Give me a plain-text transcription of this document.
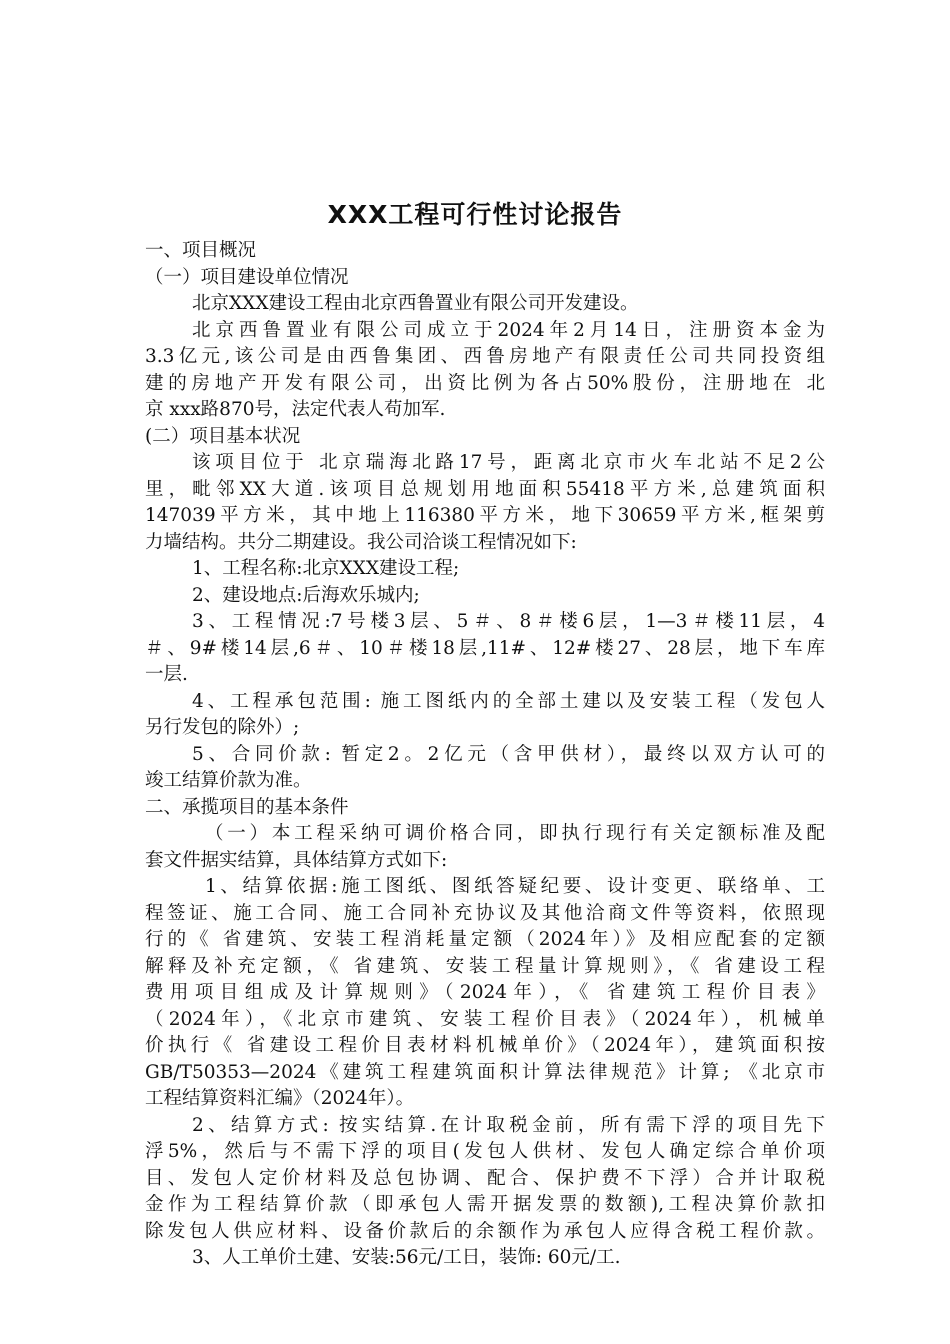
XXX工程可行性讨论报告
一、项目概况
（一）项目建设单位情况
北京XXX建设工程由北京西鲁置业有限公司开发建设。
北京西鲁置业有限公司成立于2024年2月14日，注册资本金为
3.3亿元,该公司是由西鲁集团、西鲁房地产有限责任公司共同投资组
建的房地产开发有限公司，出资比例为各占50%股份，注册地在 北
京 xxx路870号，法定代表人苟加军.
(二）项目基本状况
该项目位于 北京瑞海北路17号，距离北京市火车北站不足2公
里，毗邻XX大道.该项目总规划用地面积55418平方米,总建筑面积
147039平方米，其中地上116380平方米，地下30659平方米,框架剪
力墙结构。共分二期建设。我公司洽谈工程情况如下:
1、工程名称:北京XXX建设工程;
2、建设地点:后海欢乐城内;
3、工程情况:7号楼3层、5＃、8＃楼6层，1—3＃楼11层，4
＃、9#楼14层,6＃、10＃楼18层,11#、12#楼27、28层，地下车库
一层.
4、工程承包范围: 施工图纸内的全部土建以及安装工程（发包人
另行发包的除外）;
5、合同价款: 暂定2。2亿元（含甲供材），最终以双方认可的
竣工结算价款为准。
二、承揽项目的基本条件
（一）本工程采纳可调价格合同，即执行现行有关定额标准及配
套文件据实结算，具体结算方式如下:
1、结算依据:施工图纸、图纸答疑纪要、设计变更、联络单、工
程签证、施工合同、施工合同补充协议及其他洽商文件等资料，依照现
行的《 省建筑、安装工程消耗量定额（2024年）》及相应配套的定额
解释及补充定额，《 省建筑、安装工程量计算规则》，《 省建设工程
费用项目组成及计算规则》（2024年），《 省建筑工程价目表》
（2024年），《北京市建筑、安装工程价目表》（2024年），机械单
价执行《 省建设工程价目表材料机械单价》（2024年），建筑面积按
GB/T50353—2024《建筑工程建筑面积计算法律规范》计算; 《北京市
工程结算资料汇编》（2024年）。
2、结算方式: 按实结算.在计取税金前，所有需下浮的项目先下
浮5%，然后与不需下浮的项目(发包人供材、发包人确定综合单价项
目、发包人定价材料及总包协调、配合、保护费不下浮）合并计取税
金作为工程结算价款（即承包人需开据发票的数额),工程决算价款扣
除发包人供应材料、设备价款后的余额作为承包人应得含税工程价款。
3、人工单价土建、安装:56元/工日，装饰: 60元/工.
